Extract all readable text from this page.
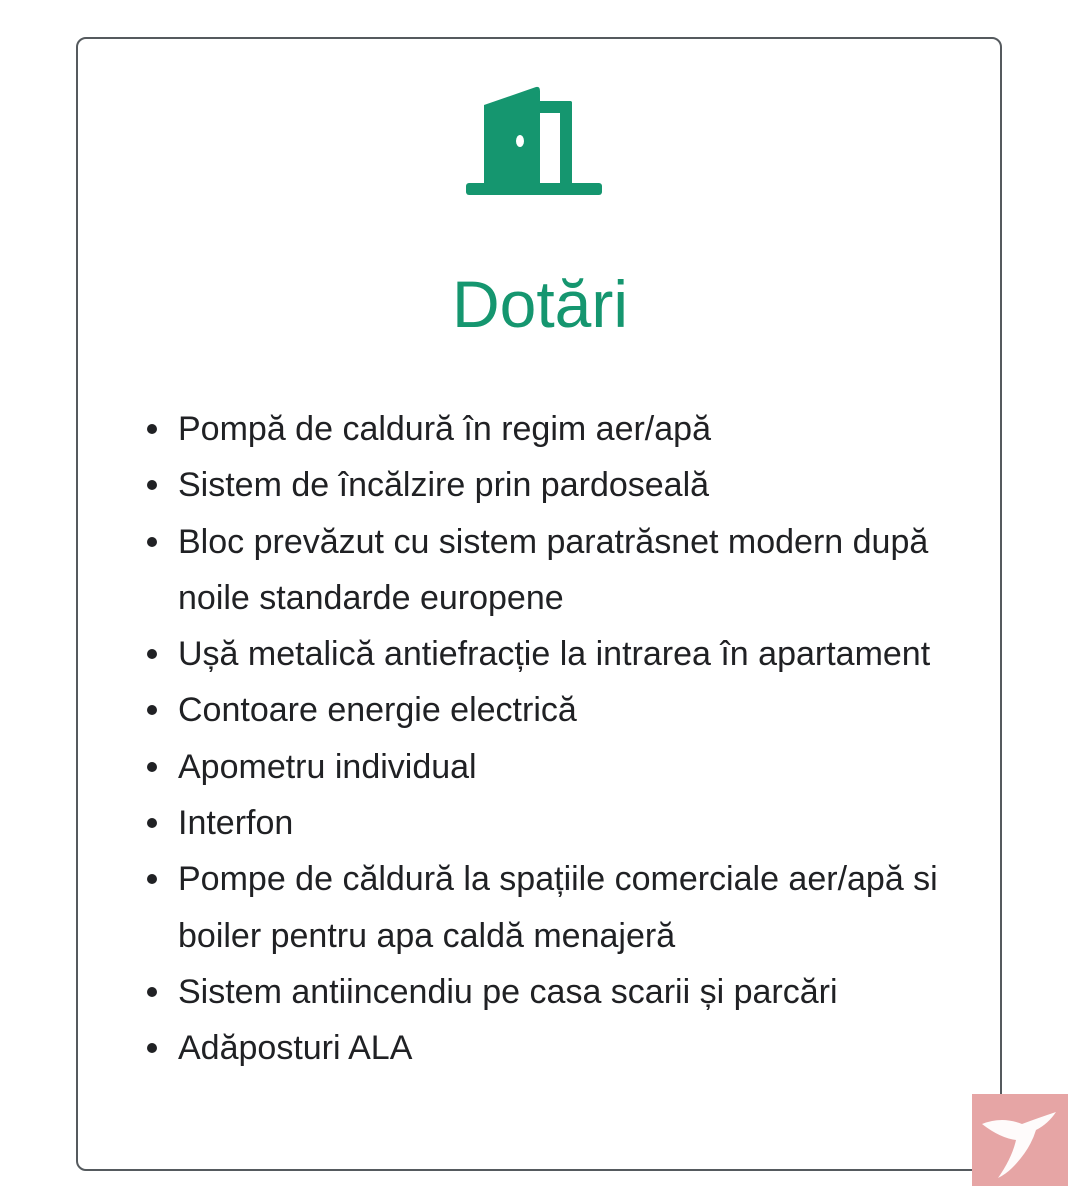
Dotări
Pompă de caldură în regim aer/apă
Sistem de încălzire prin pardoseală
Bloc prevăzut cu sistem paratrăsnet modern după noile standarde europene
Ușă metalică antiefracție la intrarea în apartament
Contoare energie electrică
Apometru individual
Interfon
Pompe de căldură la spațiile comerciale aer/apă si boiler pentru apa caldă menajeră
Sistem antiincendiu pe casa scarii și parcări
Adăposturi ALA
